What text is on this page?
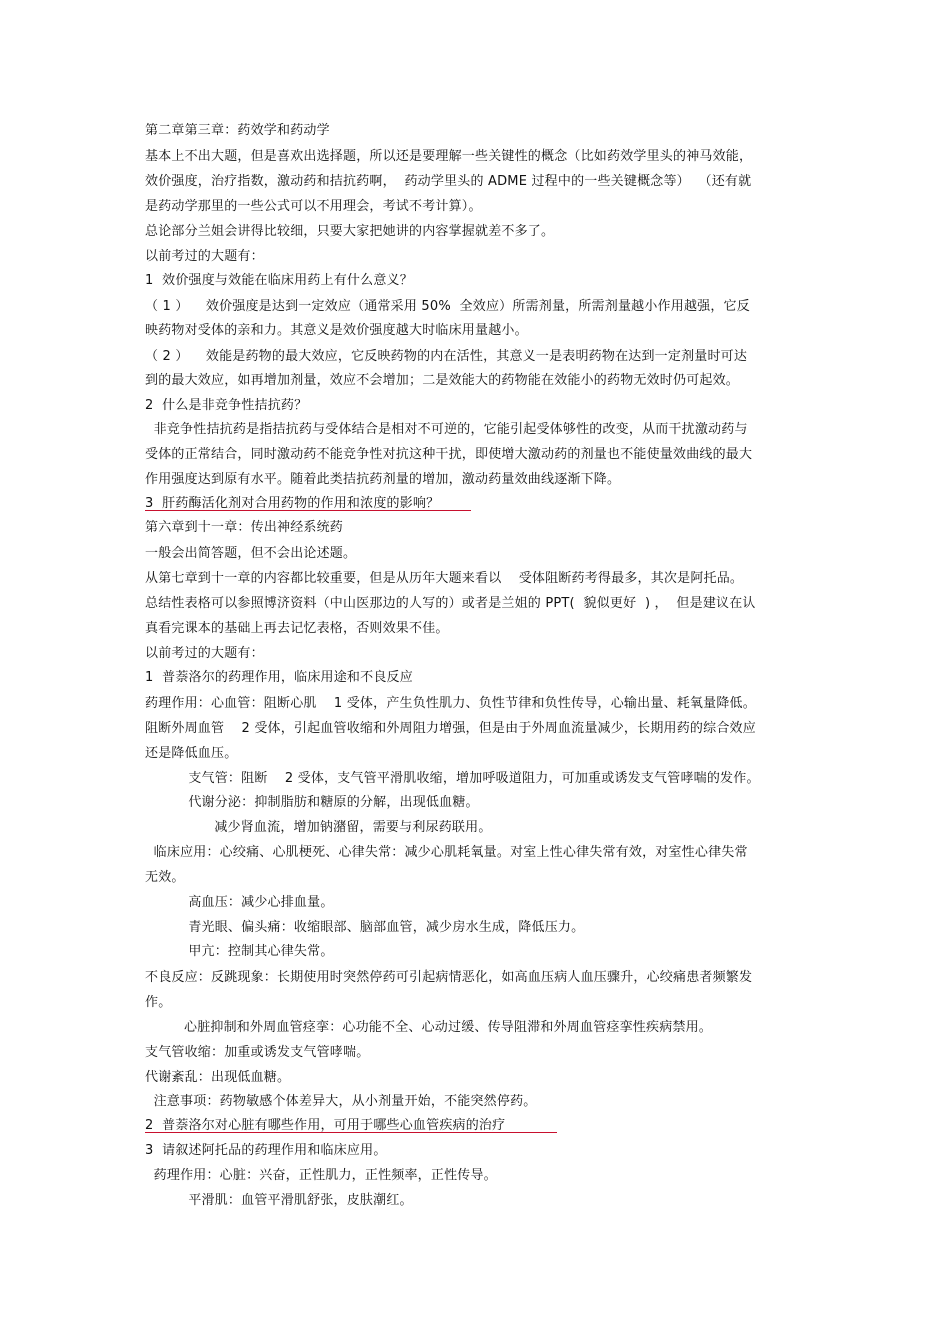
第二章第三章：药效学和药动学
基本上不出大题，但是喜欢出选择题，所以还是要理解一些关键性的概念（比如药效学里头的神马效能，
效价强度，治疗指数，激动药和拮抗药啊，  药动学里头的 ADME 过程中的一些关键概念等）  （还有就
是药动学那里的一些公式可以不用理会，考试不考计算）。
总论部分兰姐会讲得比较细，只要大家把她讲的内容掌握就差不多了。
以前考过的大题有：
1  效价强度与效能在临床用药上有什么意义？
（ 1 ）    效价强度是达到一定效应（通常采用 50%  全效应）所需剂量，所需剂量越小作用越强，它反
映药物对受体的亲和力。其意义是效价强度越大时临床用量越小。
（ 2 ）    效能是药物的最大效应，它反映药物的内在活性，其意义一是表明药物在达到一定剂量时可达
到的最大效应，如再增加剂量，效应不会增加；二是效能大的药物能在效能小的药物无效时仍可起效。
2  什么是非竞争性拮抗药？
非竞争性拮抗药是指拮抗药与受体结合是相对不可逆的，它能引起受体够性的改变，从而干扰激动药与
受体的正常结合，同时激动药不能竞争性对抗这种干扰，即使增大激动药的剂量也不能使量效曲线的最大
作用强度达到原有水平。随着此类拮抗药剂量的增加，激动药量效曲线逐渐下降。
3  肝药酶活化剂对合用药物的作用和浓度的影响？
第六章到十一章：传出神经系统药
一般会出简答题，但不会出论述题。
从第七章到十一章的内容都比较重要，但是从历年大题来看以    受体阻断药考得最多，其次是阿托品。
总结性表格可以参照博济资料（中山医那边的人写的）或者是兰姐的 PPT(  貌似更好  ) ，  但是建议在认
真看完课本的基础上再去记忆表格，否则效果不佳。
以前考过的大题有：
1  普萘洛尔的药理作用，临床用途和不良反应
药理作用：心血管：阻断心肌    1 受体，产生负性肌力、负性节律和负性传导，心输出量、耗氧量降低。
阻断外周血管    2 受体，引起血管收缩和外周阻力增强，但是由于外周血流量减少，长期用药的综合效应
还是降低血压。
支气管：阻断    2 受体，支气管平滑肌收缩，增加呼吸道阻力，可加重或诱发支气管哮喘的发作。
代谢分泌：抑制脂肪和糖原的分解，出现低血糖。
减少肾血流，增加钠潴留，需要与利尿药联用。
临床应用：心绞痛、心肌梗死、心律失常：减少心肌耗氧量。对室上性心律失常有效，对室性心律失常
无效。
高血压：减少心排血量。
青光眼、偏头痛：收缩眼部、脑部血管，减少房水生成，降低压力。
甲亢：控制其心律失常。
不良反应：反跳现象：长期使用时突然停药可引起病情恶化，如高血压病人血压骤升，心绞痛患者频繁发
作。
心脏抑制和外周血管痉挛：心功能不全、心动过缓、传导阻滞和外周血管痉挛性疾病禁用。
支气管收缩：加重或诱发支气管哮喘。
代谢紊乱：出现低血糖。
注意事项：药物敏感个体差异大，从小剂量开始，不能突然停药。
2  普萘洛尔对心脏有哪些作用，可用于哪些心血管疾病的治疗
3  请叙述阿托品的药理作用和临床应用。
药理作用：心脏：兴奋，正性肌力，正性频率，正性传导。
平滑肌：血管平滑肌舒张，皮肤潮红。
